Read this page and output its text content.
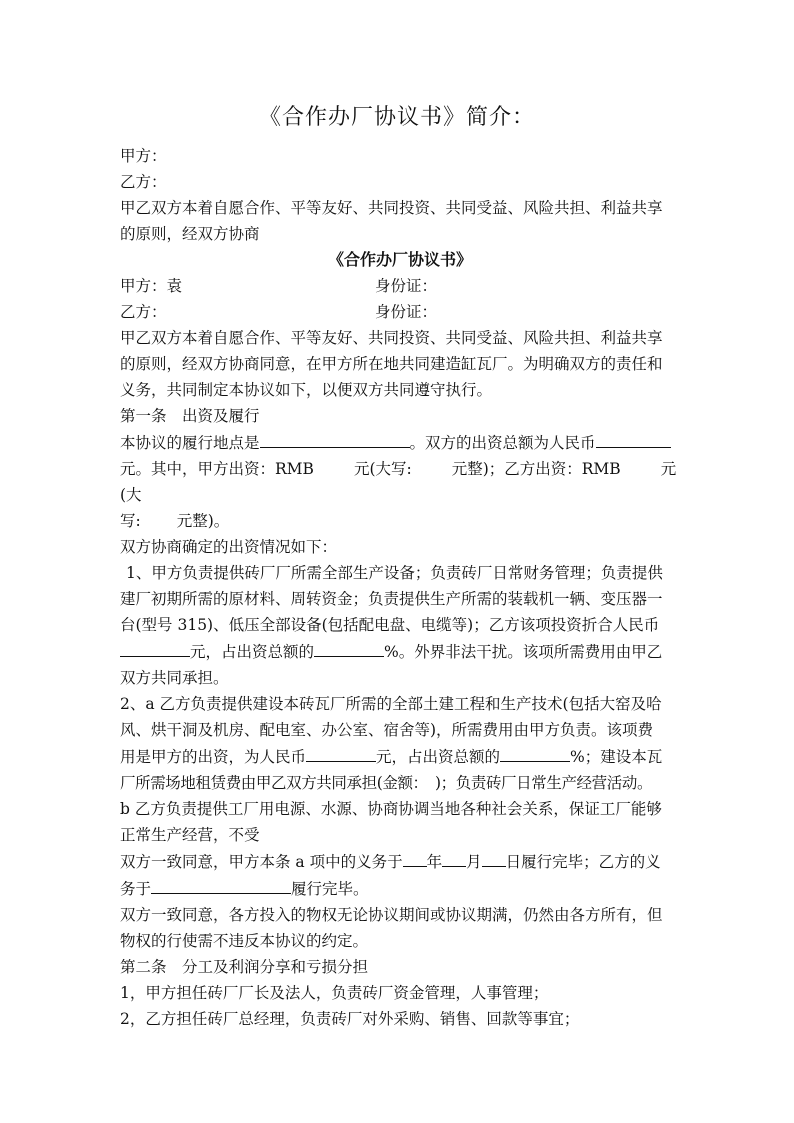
《合作办厂协议书》简介：

甲方：

乙方：

甲乙双方本着自愿合作、平等友好、共同投资、共同受益、风险共担、利益共享

的原则，经双方协商

《合作办厂协议书》

甲方：袁	身份证：
乙方：	身份证：

甲乙双方本着自愿合作、平等友好、共同投资、共同受益、风险共担、利益共享

的原则，经双方协商同意，在甲方所在地共同建造缸瓦厂。为明确双方的责任和

义务，共同制定本协议如下，以便双方共同遵守执行。

第一条　出资及履行

本协议的履行地点是	。双方的出资总额为人民币

元。其中，甲方出资：RMB	元(大写:	元整)；乙方出资：RMB	元(大

写: 元整)。

双方协商确定的出资情况如下：

1、甲方负责提供砖厂厂所需全部生产设备；负责砖厂日常财务管理；负责提供

建厂初期所需的原材料、周转资金；负责提供生产所需的装载机一辆、变压器一

台(型号 315)、低压全部设备(包括配电盘、电缆等)；乙方该项投资折合人民币

元，占出资总额的	%。外界非法干扰。该项所需费用由甲乙

双方共同承担。

2、a 乙方负责提供建设本砖瓦厂所需的全部土建工程和生产技术(包括大窑及哈

风、烘干洞及机房、配电室、办公室、宿舍等)，所需费用由甲方负责。该项费

用是甲方的出资，为人民币	元，占出资总额的	%；建设本瓦

厂所需场地租赁费由甲乙双方共同承担(金额：　)；负责砖厂日常生产经营活动。

b 乙方负责提供工厂用电源、水源、协商协调当地各种社会关系，保证工厂能够

正常生产经营，不受

双方一致同意，甲方本条 a 项中的义务于 年 月 日履行完毕；乙方的义

务于	履行完毕。

双方一致同意，各方投入的物权无论协议期间或协议期满，仍然由各方所有，但

物权的行使需不违反本协议的约定。

第二条　分工及利润分享和亏损分担

1，甲方担任砖厂厂长及法人，负责砖厂资金管理，人事管理；

2，乙方担任砖厂总经理，负责砖厂对外采购、销售、回款等事宜；
